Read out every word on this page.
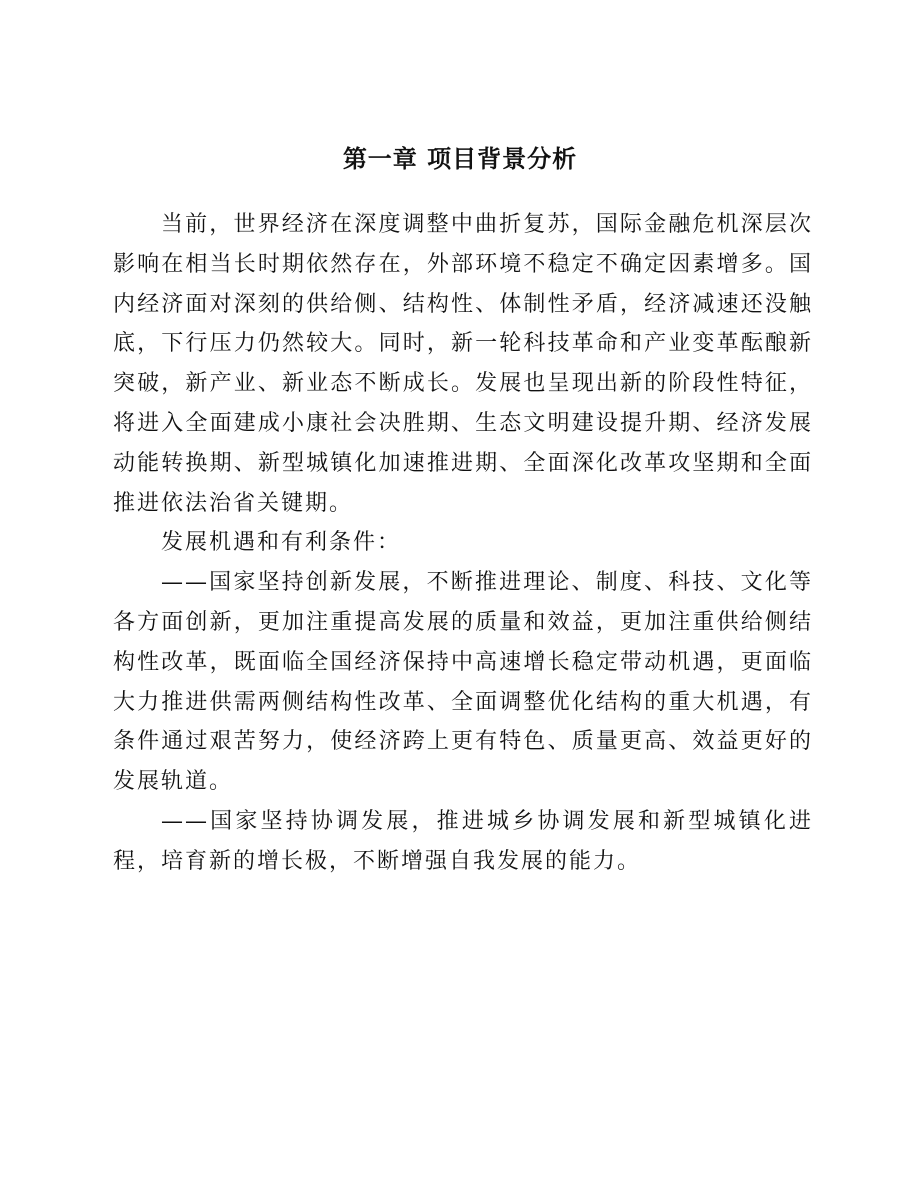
第一章 项目背景分析

当前，世界经济在深度调整中曲折复苏，国际金融危机深层次影响在相当长时期依然存在，外部环境不稳定不确定因素增多。国内经济面对深刻的供给侧、结构性、体制性矛盾，经济减速还没触底，下行压力仍然较大。同时，新一轮科技革命和产业变革酝酿新突破，新产业、新业态不断成长。发展也呈现出新的阶段性特征，将进入全面建成小康社会决胜期、生态文明建设提升期、经济发展动能转换期、新型城镇化加速推进期、全面深化改革攻坚期和全面推进依法治省关键期。

发展机遇和有利条件：

——国家坚持创新发展，不断推进理论、制度、科技、文化等各方面创新，更加注重提高发展的质量和效益，更加注重供给侧结构性改革，既面临全国经济保持中高速增长稳定带动机遇，更面临大力推进供需两侧结构性改革、全面调整优化结构的重大机遇，有条件通过艰苦努力，使经济跨上更有特色、质量更高、效益更好的发展轨道。

——国家坚持协调发展，推进城乡协调发展和新型城镇化进程，培育新的增长极，不断增强自我发展的能力。
